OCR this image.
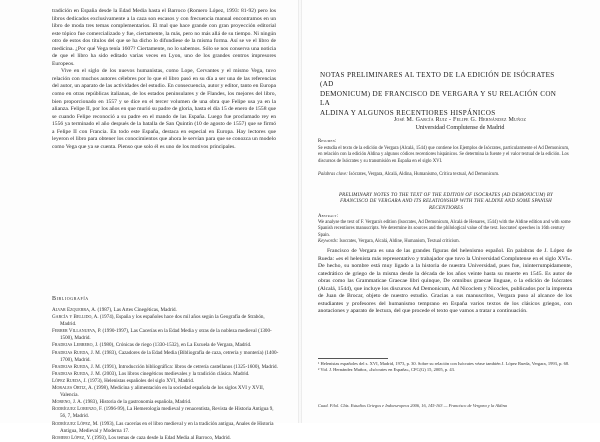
tradición en España desde la Edad Media hasta el Barroco (Romero López, 1993: 81-92) pero los libros dedicados exclusivamente a la caza son escasos y con frecuencia manual encontramos en un libro de moda tres temas complementarios. El mal que hace grande con gran proyección editorial este tópico fue comercializado y fue, ciertamente, la más, pero no más allá de su tiempo. Ni ningún otro de estos dos títulos del que se ha dicho lo difundiese de la misma forma. Así se ve el libro de medicina. ¿Por qué Vega tenía 1607? Ciertamente, no lo sabemos. Sólo se nos conserva una noticia de que el libro ha sido editado varias veces en Lyon, uno de los grandes centros impresores Europeos.

Vive en el siglo de los nuevos humanistas, como Lope, Cervantes y el mismo Vega, tuvo relación con muchos autores célebres por lo que el libro pasó en su día a ser una de las referencias del autor, un aparato de las actividades del estudio. En consecuencia, autor y editor, tanto en Europa como en otras repúblicas italianas, de los estados peninsulares y de Flandes, los mejores del libro, bien proporcionado en 1557 y se dice en el tercer volumen de una obra que Felipe usa ya en la alianza. Felipe II, por los años en que murió su padre de gloria, hasta el día 15 de enero de 1558 que se cuando Felipe reconoció a su padre en el mando de las España. Luego fue proclamado rey en 1556 ya terminado el año después de la batalla de San Quintín (10 de agosto de 1557) que se firmó a Felipe II con Francia. En todo este España, destaca en especial en Europa. Hay lectores que leyeron el libro para obtener los conocimientos que ahora le servían para que se conozca un modelo como Vega que ya se cuenta. Pienso que solo él es uno de los motivos principales.

Bibliografía
Alvar Ezquerra, A. (1987), Las Artes Cinegéticas, Madrid.
García y Bellido, A. (1974), España y los españoles hace dos mil años según la Geografía de Strabón, Madrid.
Ferrer Villanueva, P. (1990-1997), Las Cacerías en la Edad Media y otras de la nobleza medieval (1300-1500), Madrid.
Fradejas Lebrero, J. (1980), Crónicas de riego (1330-1532), en La Escuela de Vergara, Madrid.
Fradejas Rueda, J. M. (1983), Cazadores de la Edad Media (Bibliografía de caza, cetrería y montería) (1400-1700), Madrid.
Fradejas Rueda, J. M. (1991), Introducción bibliográfica: libros de cetrería castellanos (1325-1600), Madrid.
Fradejas Rueda, J. M. (2003), Los libros cinegéticos medievales y la tradición clásica. Madrid.
López Rueda, J. (1973), Helenistas españoles del siglo XVI, Madrid.
Morales Ortiz, A. (1998), Medicina y alimentación en la sociedad española de los siglos XVI y XVII, Valencia.
Moreno, J. A. (1983), Historia de la gastronomía española, Madrid.
Rodríguez Lorenzo, F. (1996-99), La Hemerología medieval y renacentista, Revista de Historia Antigua 9, 56, 7, Madrid.
Rodríguez López, M. (1993), Las cacerías en el libro medieval y en la tradición antigua, Anales de Historia Antigua, Medieval y Moderna 17.
Romero López, Y. (1993), Los temas de caza desde la Edad Media al Barroco, Madrid.
NOTAS PRELIMINARES AL TEXTO DE LA EDICIÓN DE ISÓCRATES (AD
DEMONICUM) DE FRANCISCO DE VERGARA Y SU RELACIÓN CON LA
ALDINA Y ALGUNOS RECENTIORES HISPÁNICOS
José M. García Ruiz - Felipe G. Hernández Muñoz
Universidad Complutense de Madrid
Resumen:
Se estudia el texto de la edición de Vergara (Alcalá, 1544) que contiene los Ejemplos de Isócrates, particularmente el Ad Demonicum, en relación con la edición Aldina y algunos códices recentiores hispánicos. Se determina la fuente y el valor textual de la edición. Los discursos de Isócrates y su transmisión en España en el siglo XVI.
Palabras clave: Isócrates, Vergara, Alcalá, Aldina, Humanismo, Crítica textual, Ad Demonicum.
PRELIMINARY NOTES TO THE TEXT OF THE EDITION OF ISOCRATES (AD DEMONICUM) BY
FRANCISCO DE VERGARA AND ITS RELATIONSHIP WITH THE ALDINE AND SOME SPANISH
RECENTIORES
Abstract:
We analyse the text of F. Vergara's edition (Isocrates, Ad Demonicum, Alcalá de Henares, 1544) with the Aldine edition and with some Spanish recentiores manuscripts. We determine its sources and the philological value of the text. Isocrates' speeches in 16th century Spain.
Keywords: Isocrates, Vergara, Alcalá, Aldine, Humanism, Textual criticism.

Francisco de Vergara es una de las grandes figuras del helenismo español. En palabras de J. López de Rueda: «es el helenista más representativo y trabajador que tuvo la Universidad Complutense en el siglo XVI». De hecho, su nombre está muy ligado a la historia de nuestra Universidad, pues fue, ininterrumpidamente, catedrático de griego de la misma desde la década de los años veinte hasta su muerte en 1545. Es autor de obras como las Grammaticae Graecae libri quinque, De omnibus graecae linguae, o la edición de Isócrates (Alcalá, 1544), que incluye los discursos Ad Demonicum, Ad Nicoclem y Nicocles, publicados por la imprenta de Juan de Brocar, objeto de nuestro estudio. Gracias a sus manuscritos, Vergara puso al alcance de los estudiantes y profesores del humanismo temprano en España varios textos de los clásicos griegos, con anotaciones y aparato de lectura, del que procede el texto que vamos a tratar a continuación.

¹ Helenistas españoles del s. XVI, Madrid, 1973, p. 30. Sobre su relación con Isócrates véase también J. López Rueda, Vergara, 1993, p. 68.
² Vid. J. Hernández Muñoz, «Isócrates en España», CFC(G) 15, 2005, p. 43.
Cuad. Filol. Clás. Estudios Griegos e Indoeuropeos 2006, 16, 145-163 — Francisco de Vergara y la Aldina
